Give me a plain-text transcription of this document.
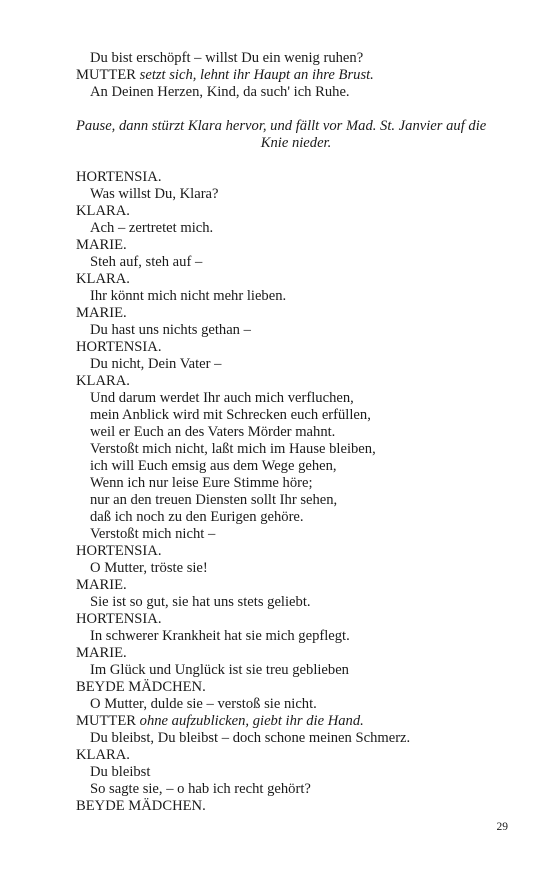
Du bist erschöpft – willst Du ein wenig ruhen?
MUTTER setzt sich, lehnt ihr Haupt an ihre Brust.
An Deinen Herzen, Kind, da such' ich Ruhe.
Pause, dann stürzt Klara hervor, und fällt vor Mad. St. Janvier auf die
Knie nieder.
HORTENSIA.
Was willst Du, Klara?
KLARA.
Ach – zertretet mich.
MARIE.
Steh auf, steh auf –
KLARA.
Ihr könnt mich nicht mehr lieben.
MARIE.
Du hast uns nichts gethan –
HORTENSIA.
Du nicht, Dein Vater –
KLARA.
Und darum werdet Ihr auch mich verfluchen,
mein Anblick wird mit Schrecken euch erfüllen,
weil er Euch an des Vaters Mörder mahnt.
Verstoßt mich nicht, laßt mich im Hause bleiben,
ich will Euch emsig aus dem Wege gehen,
Wenn ich nur leise Eure Stimme höre;
nur an den treuen Diensten sollt Ihr sehen,
daß ich noch zu den Eurigen gehöre.
Verstoßt mich nicht –
HORTENSIA.
O Mutter, tröste sie!
MARIE.
Sie ist so gut, sie hat uns stets geliebt.
HORTENSIA.
In schwerer Krankheit hat sie mich gepflegt.
MARIE.
Im Glück und Unglück ist sie treu geblieben
BEYDE MÄDCHEN.
O Mutter, dulde sie – verstoß sie nicht.
MUTTER ohne aufzublicken, giebt ihr die Hand.
Du bleibst, Du bleibst – doch schone meinen Schmerz.
KLARA.
Du bleibst
So sagte sie, – o hab ich recht gehört?
BEYDE MÄDCHEN.
29
